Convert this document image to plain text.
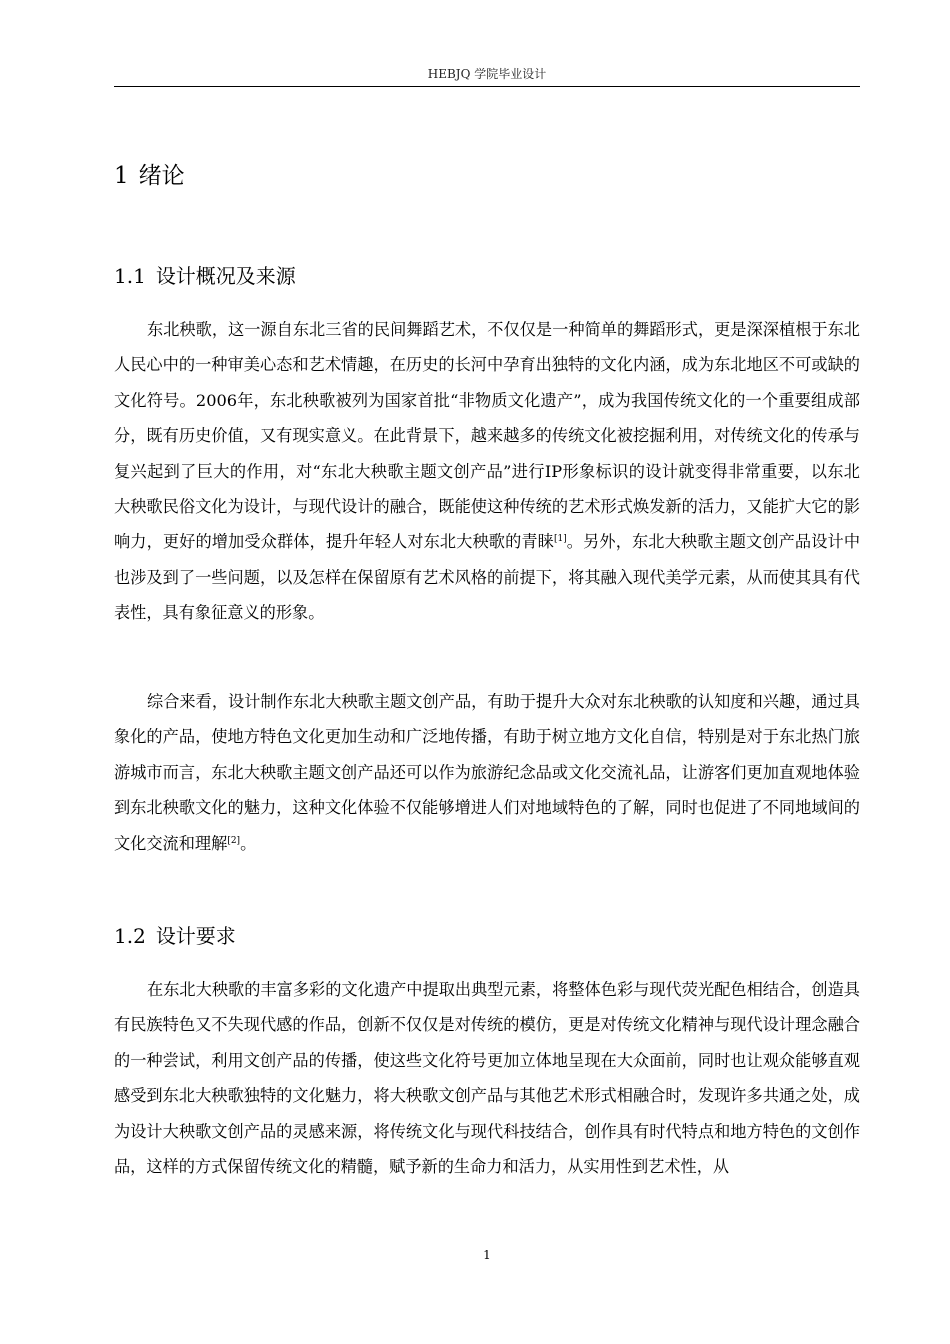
HEBJQ 学院毕业设计
1 绪论
1.1 设计概况及来源

东北秧歌，这一源自东北三省的民间舞蹈艺术，不仅仅是一种简单的舞蹈形式，更是深深植根于东北人民心中的一种审美心态和艺术情趣，在历史的长河中孕育出独特的文化内涵，成为东北地区不可或缺的文化符号。2006年，东北秧歌被列为国家首批“非物质文化遗产”，成为我国传统文化的一个重要组成部分，既有历史价值，又有现实意义。在此背景下，越来越多的传统文化被挖掘利用，对传统文化的传承与复兴起到了巨大的作用，对“东北大秧歌主题文创产品”进行IP形象标识的设计就变得非常重要，以东北大秧歌民俗文化为设计，与现代设计的融合，既能使这种传统的艺术形式焕发新的活力，又能扩大它的影响力，更好的增加受众群体，提升年轻人对东北大秧歌的青睐[1]。另外，东北大秧歌主题文创产品设计中也涉及到了一些问题，以及怎样在保留原有艺术风格的前提下，将其融入现代美学元素，从而使其具有代表性，具有象征意义的形象。

综合来看，设计制作东北大秧歌主题文创产品，有助于提升大众对东北秧歌的认知度和兴趣，通过具象化的产品，使地方特色文化更加生动和广泛地传播，有助于树立地方文化自信，特别是对于东北热门旅游城市而言，东北大秧歌主题文创产品还可以作为旅游纪念品或文化交流礼品，让游客们更加直观地体验到东北秧歌文化的魅力，这种文化体验不仅能够增进人们对地域特色的了解，同时也促进了不同地域间的文化交流和理解[2]。

1.2 设计要求

在东北大秧歌的丰富多彩的文化遗产中提取出典型元素，将整体色彩与现代荧光配色相结合，创造具有民族特色又不失现代感的作品，创新不仅仅是对传统的模仿，更是对传统文化精神与现代设计理念融合的一种尝试，利用文创产品的传播，使这些文化符号更加立体地呈现在大众面前，同时也让观众能够直观感受到东北大秧歌独特的文化魅力，将大秧歌文创产品与其他艺术形式相融合时，发现许多共通之处，成为设计大秧歌文创产品的灵感来源，将传统文化与现代科技结合，创作具有时代特点和地方特色的文创作品，这样的方式保留传统文化的精髓，赋予新的生命力和活力，从实用性到艺术性，从

1
